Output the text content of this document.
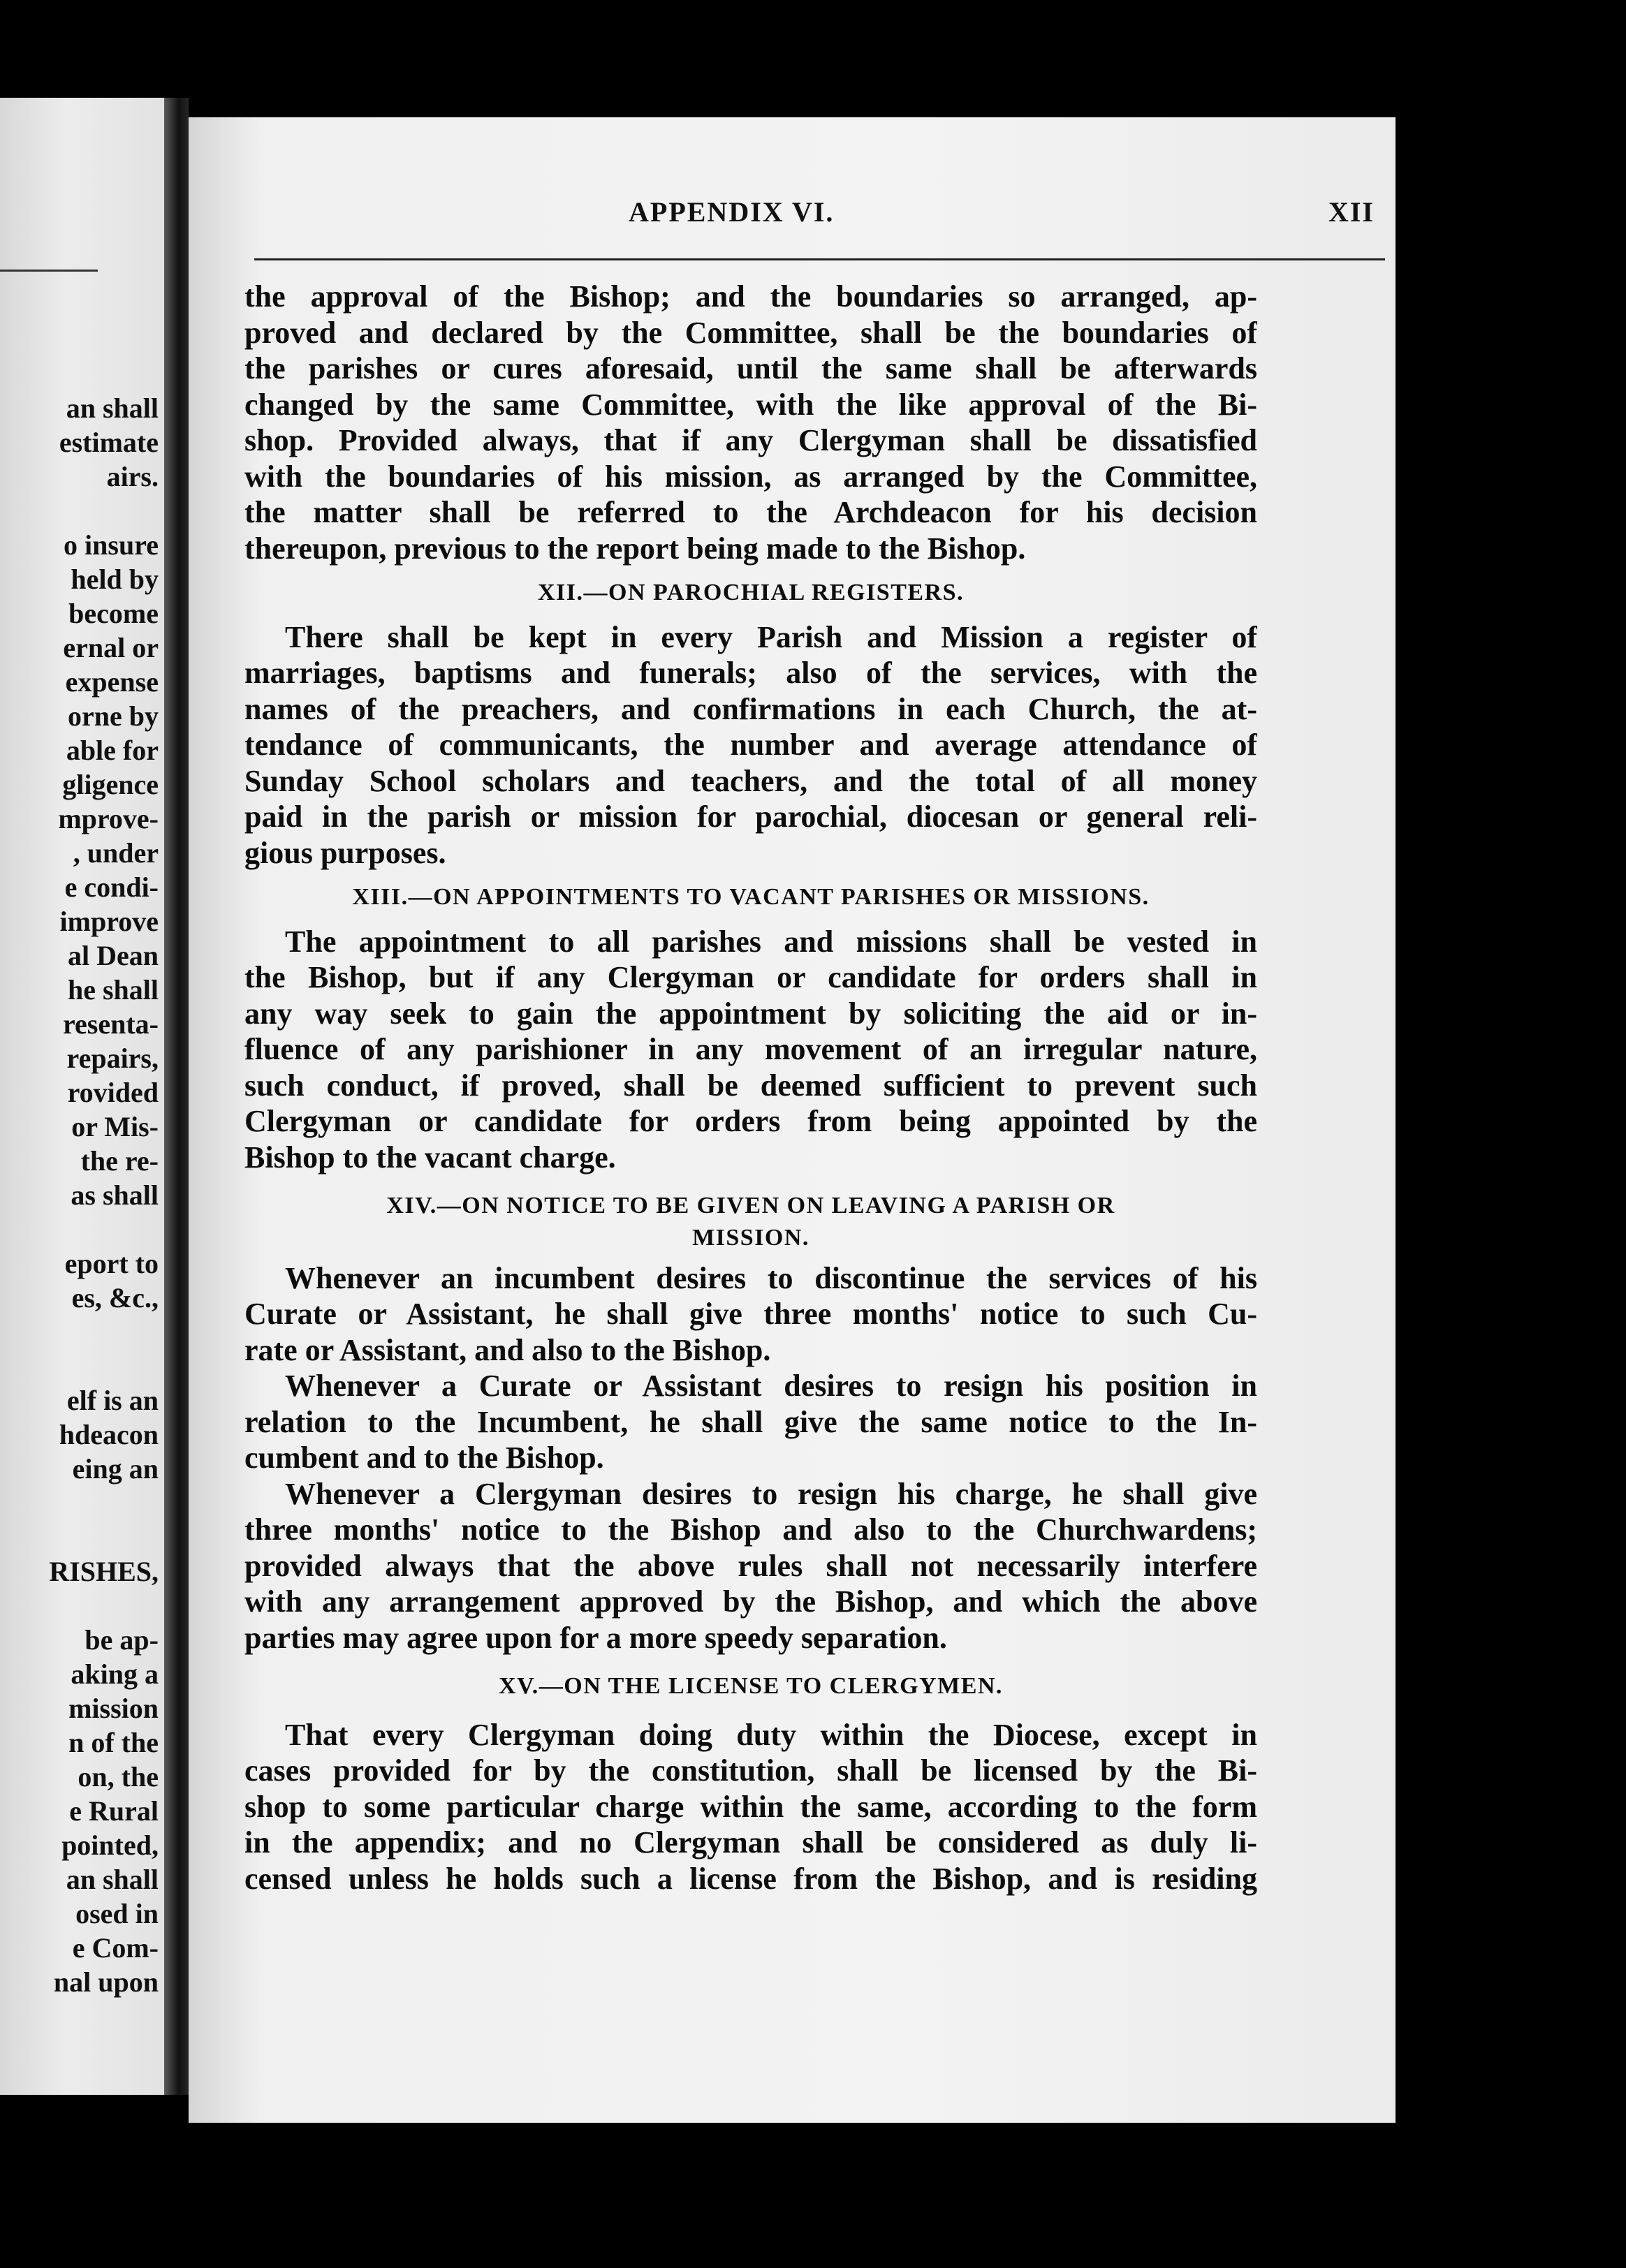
an shall
estimate
airs.
o insure
held by
become
ernal or
expense
orne by
able for
gligence
mprove-
, under
e condi-
improve
al Dean
he shall
resenta-
repairs,
rovided
or Mis-
the re-
as shall
eport to
es, &c.,
elf is an
hdeacon
eing an
RISHES,
be ap-
aking a
mission
n of the
on, the
e Rural
pointed,
an shall
osed in
e Com-
nal upon
APPENDIX VI.	XII
the approval of the Bishop; and the boundaries so arranged, ap-
proved and declared by the Committee, shall be the boundaries of
the parishes or cures aforesaid, until the same shall be afterwards
changed by the same Committee, with the like approval of the Bi-
shop. Provided always, that if any Clergyman shall be dissatisfied
with the boundaries of his mission, as arranged by the Committee,
the matter shall be referred to the Archdeacon for his decision
thereupon, previous to the report being made to the Bishop.
XII.—ON PAROCHIAL REGISTERS.
There shall be kept in every Parish and Mission a register of
marriages, baptisms and funerals; also of the services, with the
names of the preachers, and confirmations in each Church, the at-
tendance of communicants, the number and average attendance of
Sunday School scholars and teachers, and the total of all money
paid in the parish or mission for parochial, diocesan or general reli-
gious purposes.
XIII.—ON APPOINTMENTS TO VACANT PARISHES OR MISSIONS.
The appointment to all parishes and missions shall be vested in
the Bishop, but if any Clergyman or candidate for orders shall in
any way seek to gain the appointment by soliciting the aid or in-
fluence of any parishioner in any movement of an irregular nature,
such conduct, if proved, shall be deemed sufficient to prevent such
Clergyman or candidate for orders from being appointed by the
Bishop to the vacant charge.
XIV.—ON NOTICE TO BE GIVEN ON LEAVING A PARISH OR
MISSION.
Whenever an incumbent desires to discontinue the services of his
Curate or Assistant, he shall give three months' notice to such Cu-
rate or Assistant, and also to the Bishop.
Whenever a Curate or Assistant desires to resign his position in
relation to the Incumbent, he shall give the same notice to the In-
cumbent and to the Bishop.
Whenever a Clergyman desires to resign his charge, he shall give
three months' notice to the Bishop and also to the Churchwardens;
provided always that the above rules shall not necessarily interfere
with any arrangement approved by the Bishop, and which the above
parties may agree upon for a more speedy separation.
XV.—ON THE LICENSE TO CLERGYMEN.
That every Clergyman doing duty within the Diocese, except in
cases provided for by the constitution, shall be licensed by the Bi-
shop to some particular charge within the same, according to the form
in the appendix; and no Clergyman shall be considered as duly li-
censed unless he holds such a license from the Bishop, and is residing
